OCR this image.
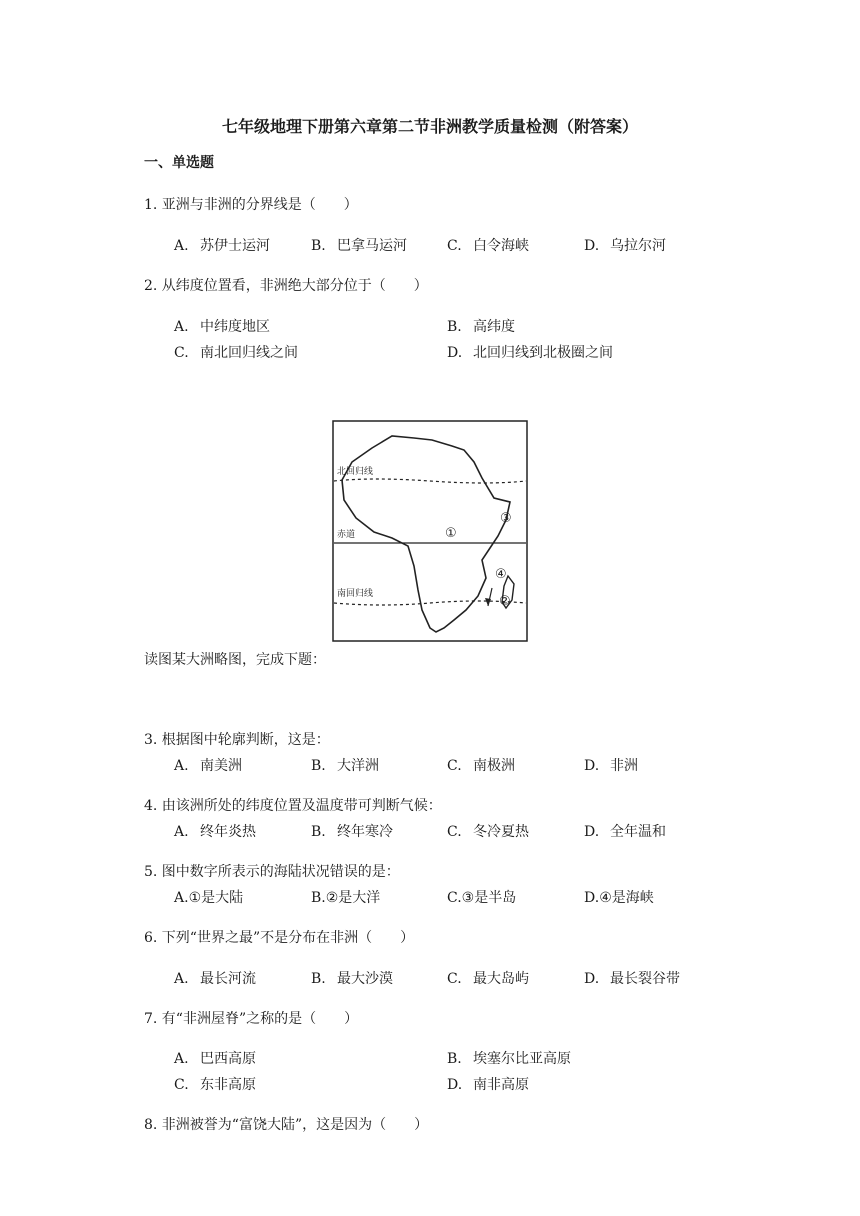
七年级地理下册第六章第二节非洲教学质量检测（附答案）
一、单选题
1. 亚洲与非洲的分界线是（　　）
A. 苏伊士运河	B. 巴拿马运河	C. 白令海峡	D. 乌拉尔河
2. 从纬度位置看，非洲绝大部分位于（　　）
A. 中纬度地区	B. 高纬度
C. 南北回归线之间	D. 北回归线到北极圈之间
①
②
③
④
北回归线
赤道
南回归线
读图某大洲略图，完成下题：
3. 根据图中轮廓判断，这是：
A. 南美洲	B. 大洋洲	C. 南极洲	D. 非洲
4. 由该洲所处的纬度位置及温度带可判断气候：
A. 终年炎热	B. 终年寒冷	C. 冬冷夏热	D. 全年温和
5. 图中数字所表示的海陆状况错误的是：
A.①是大陆	B.②是大洋	C.③是半岛	D.④是海峡
6. 下列“世界之最”不是分布在非洲（　　）
A. 最长河流	B. 最大沙漠	C. 最大岛屿	D. 最长裂谷带
7. 有“非洲屋脊”之称的是（　　）
A. 巴西高原	B. 埃塞尔比亚高原
C. 东非高原	D. 南非高原
8. 非洲被誉为“富饶大陆”，这是因为（　　）
